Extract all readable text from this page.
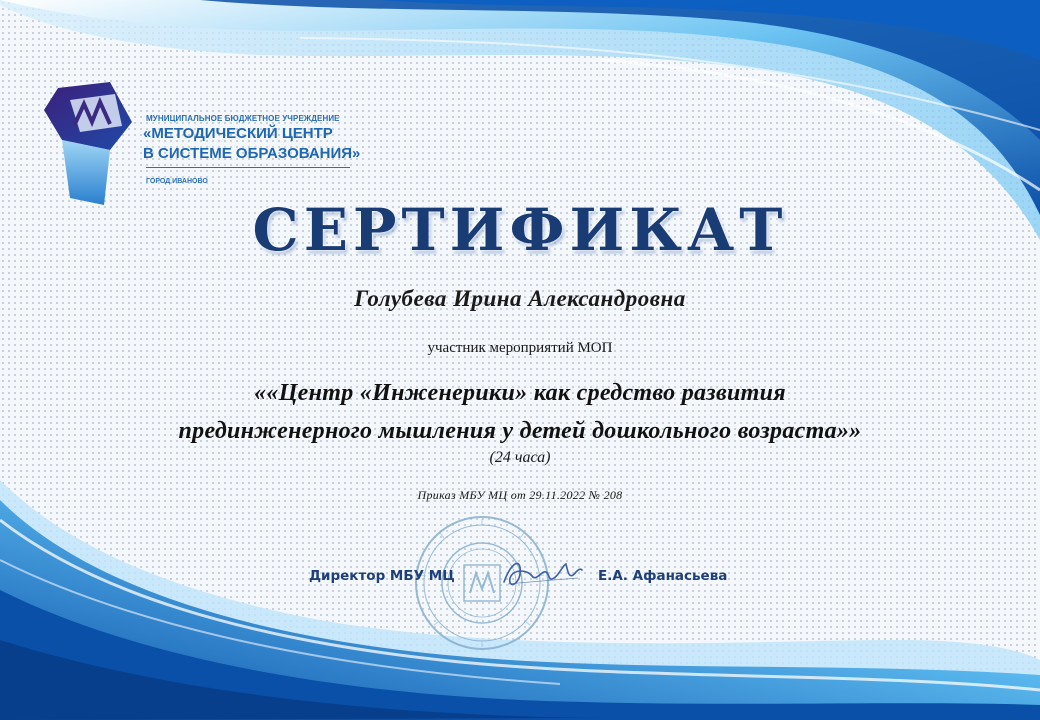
МУНИЦИПАЛЬНОЕ БЮДЖЕТНОЕ УЧРЕЖДЕНИЕ
«МЕТОДИЧЕСКИЙ ЦЕНТР
В СИСТЕМЕ ОБРАЗОВАНИЯ»
ГОРОД ИВАНОВО
СЕРТИФИКАТ
Голубева Ирина Александровна
участник мероприятий МОП
««Центр «Инженерики» как средство развития
прединженерного мышления у детей дошкольного возраста»»
(24 часа)
Приказ МБУ МЦ от 29.11.2022 № 208
Директор МБУ МЦ	Е.А. Афанасьева
